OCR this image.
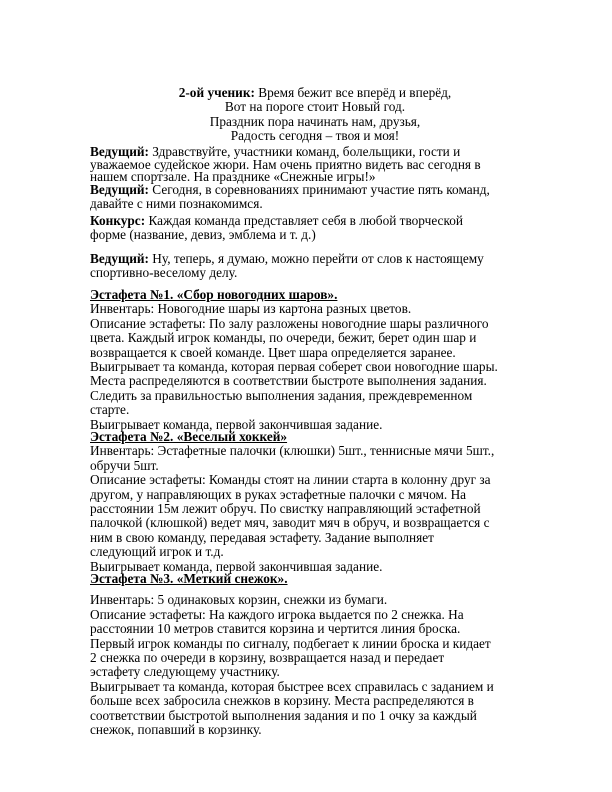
2-ой ученик: Время бежит все вперёд и вперёд,
Вот на пороге стоит Новый год.
Праздник пора начинать нам, друзья,
Радость сегодня – твоя и моя!
Ведущий: Здравствуйте, участники команд, болельщики, гости и
уважаемое судейское жюри. Нам очень приятно видеть вас сегодня в
нашем спортзале. На празднике «Снежные игры!»
Ведущий: Сегодня, в соревнованиях принимают участие пять команд,
давайте с ними познакомимся.
Конкурс: Каждая команда представляет себя в любой творческой
форме (название, девиз, эмблема и т. д.)
Ведущий: Ну, теперь, я думаю, можно перейти от слов к настоящему
спортивно-веселому делу.
Эстафета №1. «Сбор новогодних шаров».
Инвентарь: Новогодние шары из картона разных цветов.
Описание эстафеты: По залу разложены новогодние шары различного
цвета. Каждый игрок команды, по очереди, бежит, берет один шар и
возвращается к своей команде. Цвет шара определяется заранее.
Выигрывает та команда, которая первая соберет свои новогодние шары.
Места распределяются в соответствии быстроте выполнения задания.
Следить за правильностью выполнения задания, преждевременном
старте.
Выигрывает команда, первой закончившая задание.
Эстафета №2. «Веселый хоккей»
Инвентарь: Эстафетные палочки (клюшки) 5шт., теннисные мячи 5шт.,
обручи 5шт.
Описание эстафеты: Команды стоят на линии старта в колонну друг за
другом, у направляющих в руках эстафетные палочки с мячом. На
расстоянии 15м лежит обруч. По свистку направляющий эстафетной
палочкой (клюшкой) ведет мяч, заводит мяч в обруч, и возвращается с
ним в свою команду, передавая эстафету. Задание выполняет
следующий игрок и т.д.
Выигрывает команда, первой закончившая задание.
Эстафета №3. «Меткий снежок».
Инвентарь: 5 одинаковых корзин, снежки из бумаги.
Описание эстафеты: На каждого игрока выдается по 2 снежка. На
расстоянии 10 метров ставится корзина и чертится линия броска.
Первый игрок команды по сигналу, подбегает к линии броска и кидает
2 снежка по очереди в корзину, возвращается назад и передает
эстафету следующему участнику.
Выигрывает та команда, которая быстрее всех справилась с заданием и
больше всех забросила снежков в корзину. Места распределяются в
соответствии быстротой выполнения задания и по 1 очку за каждый
снежок, попавший в корзинку.
